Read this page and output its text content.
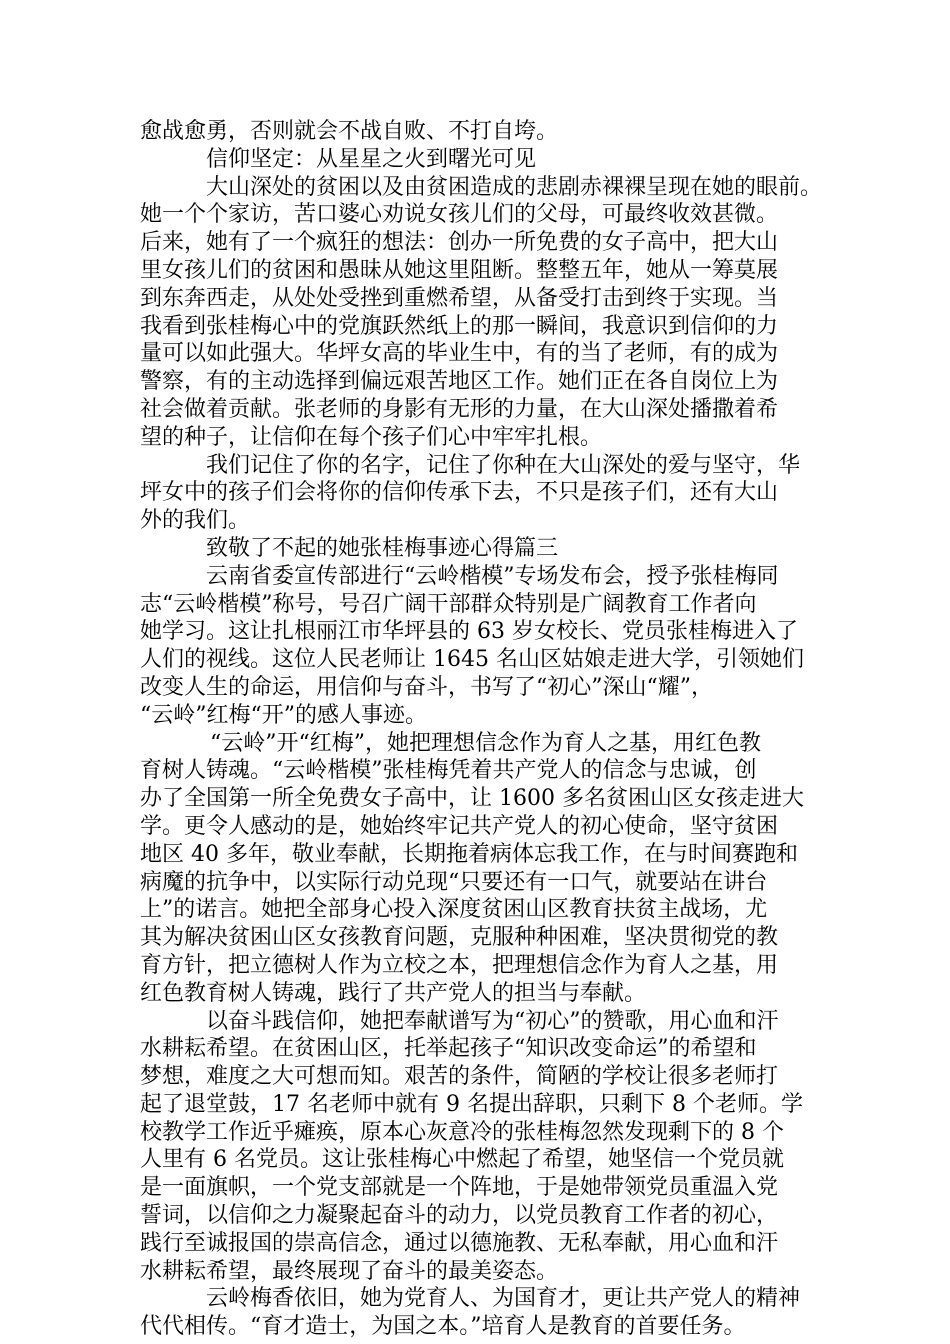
愈战愈勇，否则就会不战自败、不打自垮。
信仰坚定：从星星之火到曙光可见
大山深处的贫困以及由贫困造成的悲剧赤裸裸呈现在她的眼前。
她一个个家访，苦口婆心劝说女孩儿们的父母，可最终收效甚微。
后来，她有了一个疯狂的想法：创办一所免费的女子高中，把大山
里女孩儿们的贫困和愚昧从她这里阻断。整整五年，她从一筹莫展
到东奔西走，从处处受挫到重燃希望，从备受打击到终于实现。当
我看到张桂梅心中的党旗跃然纸上的那一瞬间，我意识到信仰的力
量可以如此强大。华坪女高的毕业生中，有的当了老师，有的成为
警察，有的主动选择到偏远艰苦地区工作。她们正在各自岗位上为
社会做着贡献。张老师的身影有无形的力量，在大山深处播撒着希
望的种子，让信仰在每个孩子们心中牢牢扎根。
我们记住了你的名字，记住了你种在大山深处的爱与坚守，华
坪女中的孩子们会将你的信仰传承下去，不只是孩子们，还有大山
外的我们。
致敬了不起的她张桂梅事迹心得篇三
云南省委宣传部进行“云岭楷模”专场发布会，授予张桂梅同
志“云岭楷模”称号，号召广阔干部群众特别是广阔教育工作者向
她学习。这让扎根丽江市华坪县的 63 岁女校长、党员张桂梅进入了
人们的视线。这位人民老师让 1645 名山区姑娘走进大学，引领她们
改变人生的命运，用信仰与奋斗，书写了“初心”深山“耀”，
“云岭”红梅“开”的感人事迹。
“云岭”开“红梅”，她把理想信念作为育人之基，用红色教
育树人铸魂。“云岭楷模”张桂梅凭着共产党人的信念与忠诚，创
办了全国第一所全免费女子高中，让 1600 多名贫困山区女孩走进大
学。更令人感动的是，她始终牢记共产党人的初心使命，坚守贫困
地区 40 多年，敬业奉献，长期拖着病体忘我工作，在与时间赛跑和
病魔的抗争中，以实际行动兑现“只要还有一口气，就要站在讲台
上”的诺言。她把全部身心投入深度贫困山区教育扶贫主战场，尤
其为解决贫困山区女孩教育问题，克服种种困难，坚决贯彻党的教
育方针，把立德树人作为立校之本，把理想信念作为育人之基，用
红色教育树人铸魂，践行了共产党人的担当与奉献。
以奋斗践信仰，她把奉献谱写为“初心”的赞歌，用心血和汗
水耕耘希望。在贫困山区，托举起孩子“知识改变命运”的希望和
梦想，难度之大可想而知。艰苦的条件，简陋的学校让很多老师打
起了退堂鼓，17 名老师中就有 9 名提出辞职，只剩下 8 个老师。学
校教学工作近乎瘫痪，原本心灰意冷的张桂梅忽然发现剩下的 8 个
人里有 6 名党员。这让张桂梅心中燃起了希望，她坚信一个党员就
是一面旗帜，一个党支部就是一个阵地，于是她带领党员重温入党
誓词，以信仰之力凝聚起奋斗的动力，以党员教育工作者的初心，
践行至诚报国的崇高信念，通过以德施教、无私奉献，用心血和汗
水耕耘希望，最终展现了奋斗的最美姿态。
云岭梅香依旧，她为党育人、为国育才，更让共产党人的精神
代代相传。“育才造士，为国之本。”培育人是教育的首要任务。
